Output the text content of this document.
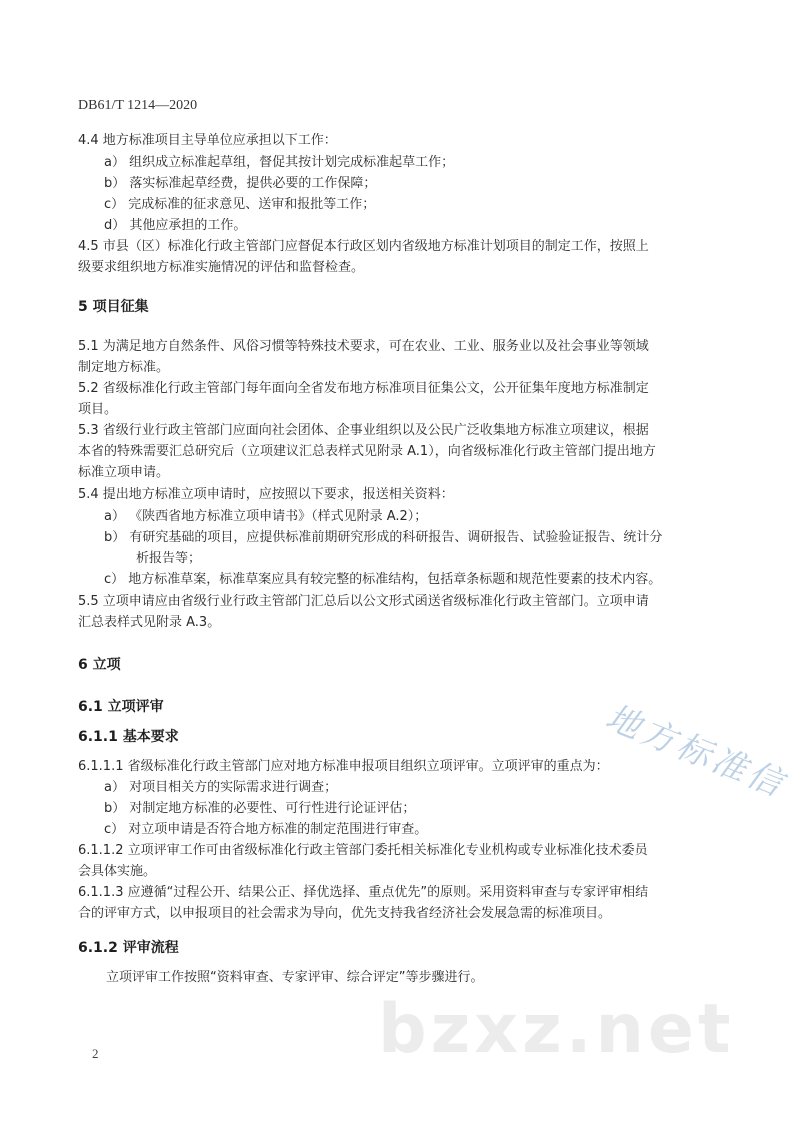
DB61/T 1214—2020
4.4 地方标准项目主导单位应承担以下工作：
a） 组织成立标准起草组，督促其按计划完成标准起草工作；
b） 落实标准起草经费，提供必要的工作保障；
c） 完成标准的征求意见、送审和报批等工作；
d） 其他应承担的工作。
4.5 市县（区）标准化行政主管部门应督促本行政区划内省级地方标准计划项目的制定工作，按照上
级要求组织地方标准实施情况的评估和监督检查。
5 项目征集
5.1 为满足地方自然条件、风俗习惯等特殊技术要求，可在农业、工业、服务业以及社会事业等领域
制定地方标准。
5.2 省级标准化行政主管部门每年面向全省发布地方标准项目征集公文，公开征集年度地方标准制定
项目。
5.3 省级行业行政主管部门应面向社会团体、企事业组织以及公民广泛收集地方标准立项建议，根据
本省的特殊需要汇总研究后（立项建议汇总表样式见附录 A.1），向省级标准化行政主管部门提出地方
标准立项申请。
5.4 提出地方标准立项申请时，应按照以下要求，报送相关资料：
a） 《陕西省地方标准立项申请书》（样式见附录 A.2）；
b） 有研究基础的项目，应提供标准前期研究形成的科研报告、调研报告、试验验证报告、统计分
析报告等；
c） 地方标准草案，标准草案应具有较完整的标准结构，包括章条标题和规范性要素的技术内容。
5.5 立项申请应由省级行业行政主管部门汇总后以公文形式函送省级标准化行政主管部门。立项申请
汇总表样式见附录 A.3。
6 立项
6.1 立项评审
6.1.1 基本要求
6.1.1.1 省级标准化行政主管部门应对地方标准申报项目组织立项评审。立项评审的重点为：
a） 对项目相关方的实际需求进行调查；
b） 对制定地方标准的必要性、可行性进行论证评估；
c） 对立项申请是否符合地方标准的制定范围进行审查。
6.1.1.2 立项评审工作可由省级标准化行政主管部门委托相关标准化专业机构或专业标准化技术委员
会具体实施。
6.1.1.3 应遵循“过程公开、结果公正、择优选择、重点优先”的原则。采用资料审查与专家评审相结
合的评审方式，以申报项目的社会需求为导向，优先支持我省经济社会发展急需的标准项目。
6.1.2 评审流程
立项评审工作按照“资料审查、专家评审、综合评定”等步骤进行。
地方标准信
bzxz.net
2
